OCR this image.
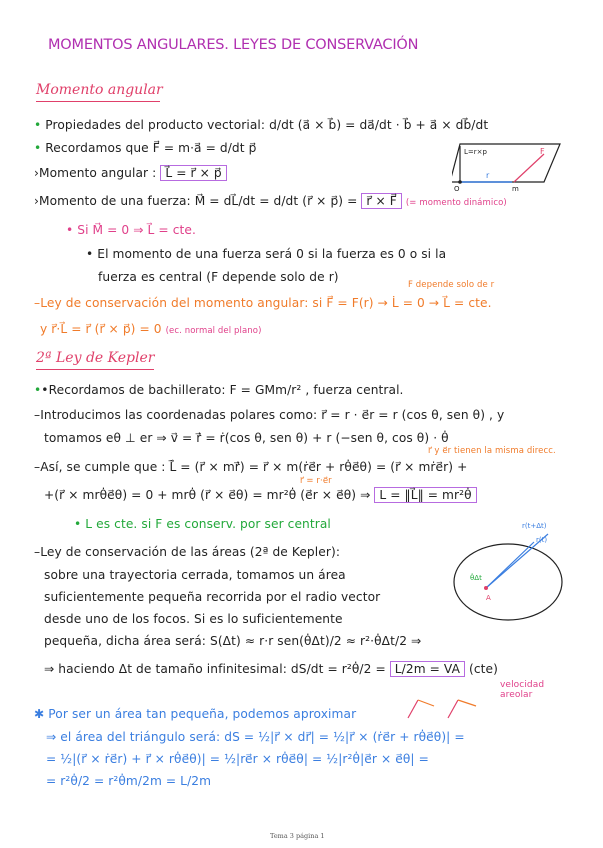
MOMENTOS ANGULARES. LEYES DE CONSERVACIÓN
Momento angular
• Propiedades del producto vectorial: d/dt (a⃗ × b⃗) = da⃗/dt · b⃗ + a⃗ × db⃗/dt
• Recordamos que F⃗ = m·a⃗ = d/dt p⃗
›Momento angular : L⃗ = r⃗ × p⃗
›Momento de una fuerza: M⃗ = dL⃗/dt = d/dt (r⃗ × p⃗) = r⃗ × F⃗ (= momento dinámico)
• Si M⃗ = 0 ⇒ L⃗ = cte.
• El momento de una fuerza será 0 si la fuerza es 0 o si la
fuerza es central (F depende solo de r)
F depende solo de r
–Ley de conservación del momento angular: si F⃗ = F(r) → L̇ = 0 → L⃗ = cte.
y r⃗·L⃗ = r⃗ (r⃗ × p⃗) = 0 (ec. normal del plano)
L=r×p	F
r
O	m
2ª Ley de Kepler
••Recordamos de bachillerato: F = GMm/r² , fuerza central.
–Introducimos las coordenadas polares como: r⃗ = r · e⃗r = r (cos θ, sen θ) , y
tomamos eθ ⊥ er ⇒ v⃗ = ṙ⃗ = ṙ(cos θ, sen θ) + r (−sen θ, cos θ) · θ̇
r⃗ y e⃗r tienen la misma direcc.
–Así, se cumple que : L̇⃗ = (r⃗ × mṙ⃗) = r⃗ × m(ṙe⃗r + rθ̇e⃗θ) = (r⃗ × mṙe⃗r) +
r⃗ = r·e⃗r
+(r⃗ × mrθ̇e⃗θ) = 0 + mrθ̇ (r⃗ × e⃗θ) = mr²θ̇ (e⃗r × e⃗θ) ⇒ L = ‖L⃗‖ = mr²θ̇
• L es cte. si F es conserv. por ser central
–Ley de conservación de las áreas (2ª de Kepler):
sobre una trayectoria cerrada, tomamos un área
suficientemente pequeña recorrida por el radio vector
desde uno de los focos. Si es lo suficientemente
pequeña, dicha área será: S(Δt) ≈ r·r sen(θ̇Δt)/2 ≈ r²·θ̇Δt/2 ⇒
⇒ haciendo Δt de tamaño infinitesimal: dS/dt = r²θ̇/2 = L/2m = VA (cte)
velocidad areolar
r(t+Δt)
r(t)
θ̇Δt
A
✱ Por ser un área tan pequeña, podemos aproximar
⇒ el área del triángulo será: dS = ½|r⃗ × dr⃗| = ½|r⃗ × (ṙe⃗r + rθ̇e⃗θ)| =
= ½|(r⃗ × ṙe⃗r) + r⃗ × rθ̇e⃗θ)| = ½|re⃗r × rθ̇e⃗θ| = ½|r²θ̇|e⃗r × e⃗θ| =
= r²θ̇/2 = r²θ̇m/2m = L/2m
Tema 3 página 1
